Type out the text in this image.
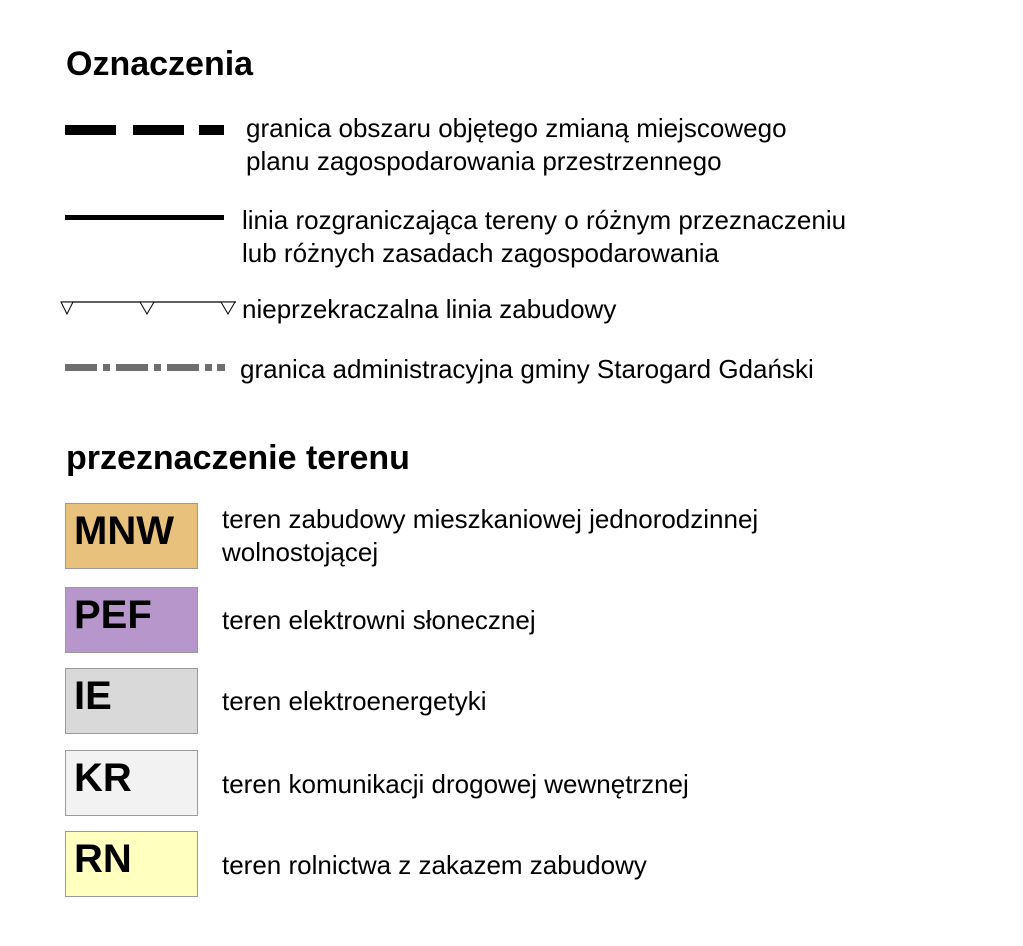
Oznaczenia
granica obszaru objętego zmianą miejscowego
planu zagospodarowania przestrzennego
linia rozgraniczająca tereny o różnym przeznaczeniu
lub różnych zasadach zagospodarowania
nieprzekraczalna linia zabudowy
granica administracyjna gminy Starogard Gdański
przeznaczenie terenu
MNW teren zabudowy mieszkaniowej jednorodzinnej
wolnostojącej
PEF	teren elektrowni słonecznej
IE	teren elektroenergetyki
KR	teren komunikacji drogowej wewnętrznej
RN	teren rolnictwa z zakazem zabudowy
